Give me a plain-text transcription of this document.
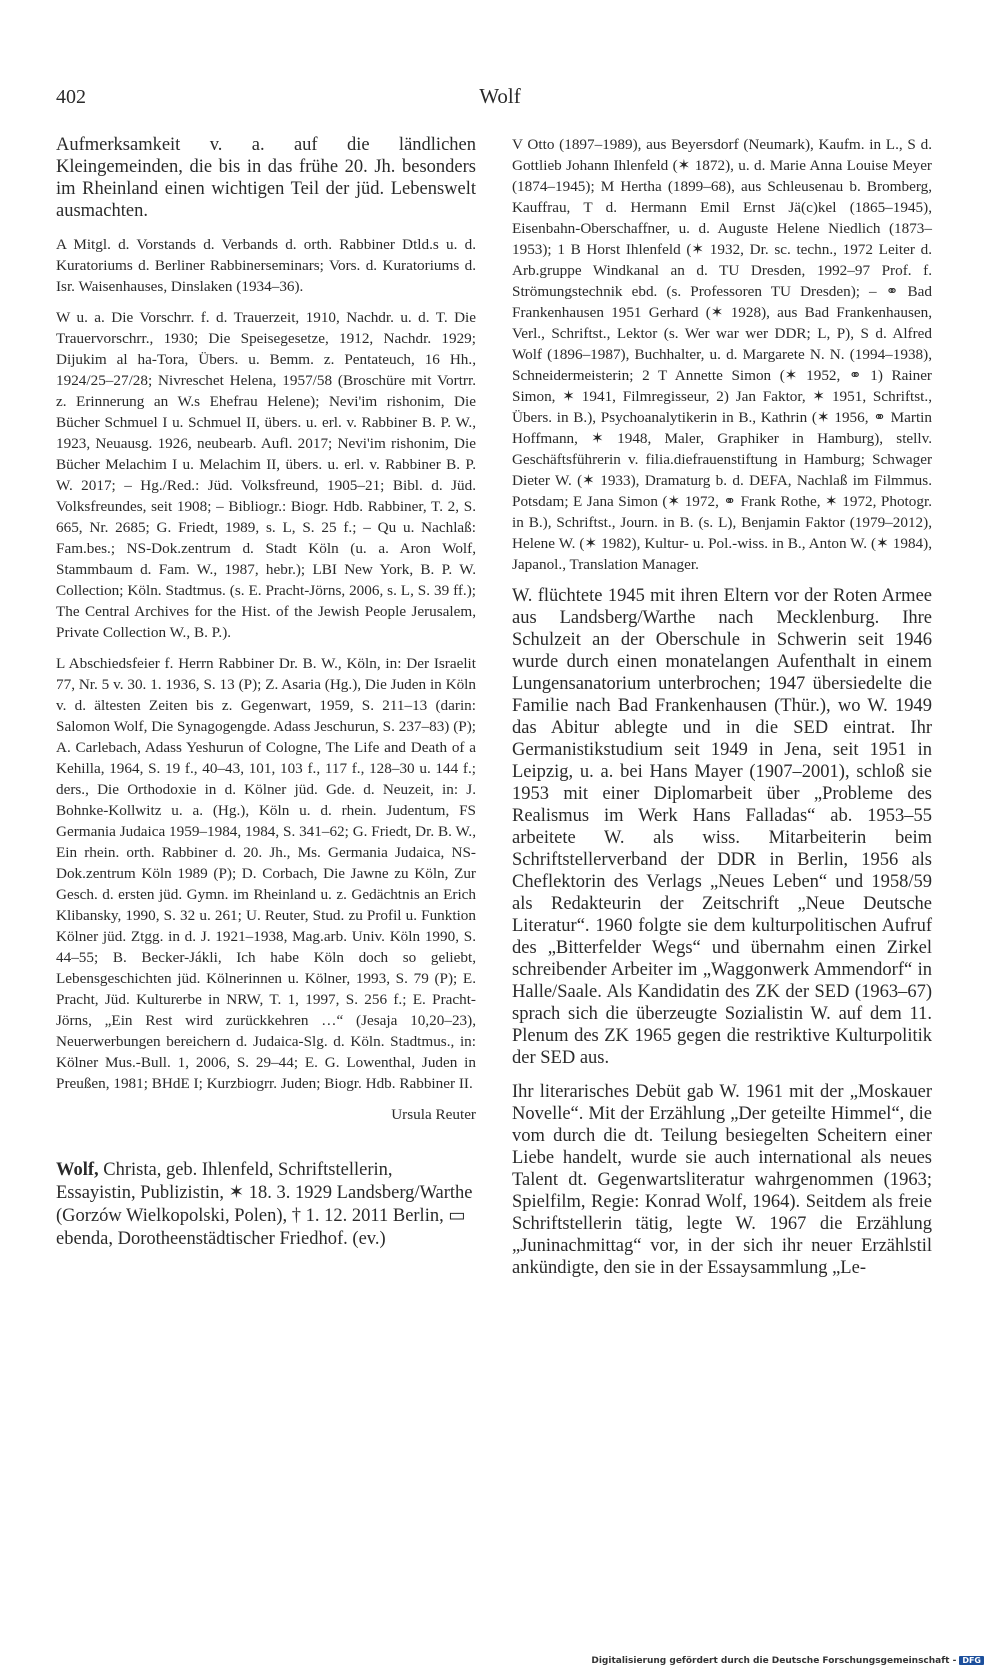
402	Wolf

Aufmerksamkeit v. a. auf die ländlichen Kleingemeinden, die bis in das frühe 20. Jh. besonders im Rheinland einen wichtigen Teil der jüd. Lebenswelt ausmachten.

A Mitgl. d. Vorstands d. Verbands d. orth. Rabbiner Dtld.s u. d. Kuratoriums d. Berliner Rabbinerseminars; Vors. d. Kuratoriums d. Isr. Waisenhauses, Dinslaken (1934–36).

W u. a. Die Vorschrr. f. d. Trauerzeit, 1910, Nachdr. u. d. T. Die Trauervorschrr., 1930; Die Speisegesetze, 1912, Nachdr. 1929; Dijukim al ha-Tora, Übers. u. Bemm. z. Pentateuch, 16 Hh., 1924/25–27/28; Nivreschet Helena, 1957/58 (Broschüre mit Vortrr. z. Erinnerung an W.s Ehefrau Helene); Nevi'im rishonim, Die Bücher Schmuel I u. Schmuel II, übers. u. erl. v. Rabbiner B. P. W., 1923, Neuausg. 1926, neubearb. Aufl. 2017; Nevi'im rishonim, Die Bücher Melachim I u. Melachim II, übers. u. erl. v. Rabbiner B. P. W. 2017; – Hg./Red.: Jüd. Volksfreund, 1905–21; Bibl. d. Jüd. Volksfreundes, seit 1908; – Bibliogr.: Biogr. Hdb. Rabbiner, T. 2, S. 665, Nr. 2685; G. Friedt, 1989, s. L, S. 25 f.; – Qu u. Nachlaß: Fam.bes.; NS-Dok.zentrum d. Stadt Köln (u. a. Aron Wolf, Stammbaum d. Fam. W., 1987, hebr.); LBI New York, B. P. W. Collection; Köln. Stadtmus. (s. E. Pracht-Jörns, 2006, s. L, S. 39 ff.); The Central Archives for the Hist. of the Jewish People Jerusalem, Private Collection W., B. P.).

L Abschiedsfeier f. Herrn Rabbiner Dr. B. W., Köln, in: Der Israelit 77, Nr. 5 v. 30. 1. 1936, S. 13 (P); Z. Asaria (Hg.), Die Juden in Köln v. d. ältesten Zeiten bis z. Gegenwart, 1959, S. 211–13 (darin: Salomon Wolf, Die Synagogengde. Adass Jeschurun, S. 237–83) (P); A. Carlebach, Adass Yeshurun of Cologne, The Life and Death of a Kehilla, 1964, S. 19 f., 40–43, 101, 103 f., 117 f., 128–30 u. 144 f.; ders., Die Orthodoxie in d. Kölner jüd. Gde. d. Neuzeit, in: J. Bohnke-Kollwitz u. a. (Hg.), Köln u. d. rhein. Judentum, FS Germania Judaica 1959–1984, 1984, S. 341–62; G. Friedt, Dr. B. W., Ein rhein. orth. Rabbiner d. 20. Jh., Ms. Germania Judaica, NS-Dok.zentrum Köln 1989 (P); D. Corbach, Die Jawne zu Köln, Zur Gesch. d. ersten jüd. Gymn. im Rheinland u. z. Gedächtnis an Erich Klibansky, 1990, S. 32 u. 261; U. Reuter, Stud. zu Profil u. Funktion Kölner jüd. Ztgg. in d. J. 1921–1938, Mag.arb. Univ. Köln 1990, S. 44–55; B. Becker-Jákli, Ich habe Köln doch so geliebt, Lebensgeschichten jüd. Kölnerinnen u. Kölner, 1993, S. 79 (P); E. Pracht, Jüd. Kulturerbe in NRW, T. 1, 1997, S. 256 f.; E. Pracht-Jörns, „Ein Rest wird zurückkehren …“ (Jesaja 10,20–23), Neuerwerbungen bereichern d. Judaica-Slg. d. Köln. Stadtmus., in: Kölner Mus.-Bull. 1, 2006, S. 29–44; E. G. Lowenthal, Juden in Preußen, 1981; BHdE I; Kurzbiogrr. Juden; Biogr. Hdb. Rabbiner II.

Ursula Reuter

Wolf, Christa, geb. Ihlenfeld, Schriftstellerin, Essayistin, Publizistin, ✶ 18. 3. 1929 Landsberg/Warthe (Gorzów Wielkopolski, Polen), † 1. 12. 2011 Berlin, ▭ ebenda, Dorotheenstädtischer Friedhof. (ev.)

V Otto (1897–1989), aus Beyersdorf (Neumark), Kaufm. in L., S d. Gottlieb Johann Ihlenfeld (✶ 1872), u. d. Marie Anna Louise Meyer (1874–1945); M Hertha (1899–68), aus Schleusenau b. Bromberg, Kauffrau, T d. Hermann Emil Ernst Jä(c)kel (1865–1945), Eisenbahn-Oberschaffner, u. d. Auguste Helene Niedlich (1873–1953); 1 B Horst Ihlenfeld (✶ 1932, Dr. sc. techn., 1972 Leiter d. Arb.gruppe Windkanal an d. TU Dresden, 1992–97 Prof. f. Strömungstechnik ebd. (s. Professoren TU Dresden); – ⚭ Bad Frankenhausen 1951 Gerhard (✶ 1928), aus Bad Frankenhausen, Verl., Schriftst., Lektor (s. Wer war wer DDR; L, P), S d. Alfred Wolf (1896–1987), Buchhalter, u. d. Margarete N. N. (1994–1938), Schneidermeisterin; 2 T Annette Simon (✶ 1952, ⚭ 1) Rainer Simon, ✶ 1941, Filmregisseur, 2) Jan Faktor, ✶ 1951, Schriftst., Übers. in B.), Psychoanalytikerin in B., Kathrin (✶ 1956, ⚭ Martin Hoffmann, ✶ 1948, Maler, Graphiker in Hamburg), stellv. Geschäftsführerin v. filia.diefrauenstiftung in Hamburg; Schwager Dieter W. (✶ 1933), Dramaturg b. d. DEFA, Nachlaß im Filmmus. Potsdam; E Jana Simon (✶ 1972, ⚭ Frank Rothe, ✶ 1972, Photogr. in B.), Schriftst., Journ. in B. (s. L), Benjamin Faktor (1979–2012), Helene W. (✶ 1982), Kultur- u. Pol.-wiss. in B., Anton W. (✶ 1984), Japanol., Translation Manager.

W. flüchtete 1945 mit ihren Eltern vor der Roten Armee aus Landsberg/Warthe nach Mecklenburg. Ihre Schulzeit an der Oberschule in Schwerin seit 1946 wurde durch einen monatelangen Aufenthalt in einem Lungensanatorium unterbrochen; 1947 übersiedelte die Familie nach Bad Frankenhausen (Thür.), wo W. 1949 das Abitur ablegte und in die SED eintrat. Ihr Germanistikstudium seit 1949 in Jena, seit 1951 in Leipzig, u. a. bei Hans Mayer (1907–2001), schloß sie 1953 mit einer Diplomarbeit über „Probleme des Realismus im Werk Hans Falladas“ ab. 1953–55 arbeitete W. als wiss. Mitarbeiterin beim Schriftstellerverband der DDR in Berlin, 1956 als Cheflektorin des Verlags „Neues Leben“ und 1958/59 als Redakteurin der Zeitschrift „Neue Deutsche Literatur“. 1960 folgte sie dem kulturpolitischen Aufruf des „Bitterfelder Wegs“ und übernahm einen Zirkel schreibender Arbeiter im „Waggonwerk Ammendorf“ in Halle/Saale. Als Kandidatin des ZK der SED (1963–67) sprach sich die überzeugte Sozialistin W. auf dem 11. Plenum des ZK 1965 gegen die restriktive Kulturpolitik der SED aus.

Ihr literarisches Debüt gab W. 1961 mit der „Moskauer Novelle“. Mit der Erzählung „Der geteilte Himmel“, die vom durch die dt. Teilung besiegelten Scheitern einer Liebe handelt, wurde sie auch international als neues Talent dt. Gegenwartsliteratur wahrgenommen (1963; Spielfilm, Regie: Konrad Wolf, 1964). Seitdem als freie Schriftstellerin tätig, legte W. 1967 die Erzählung „Juninachmittag“ vor, in der sich ihr neuer Erzählstil ankündigte, den sie in der Essaysammlung „Le-

Digitalisierung gefördert durch die Deutsche Forschungsgemeinschaft - DFG
